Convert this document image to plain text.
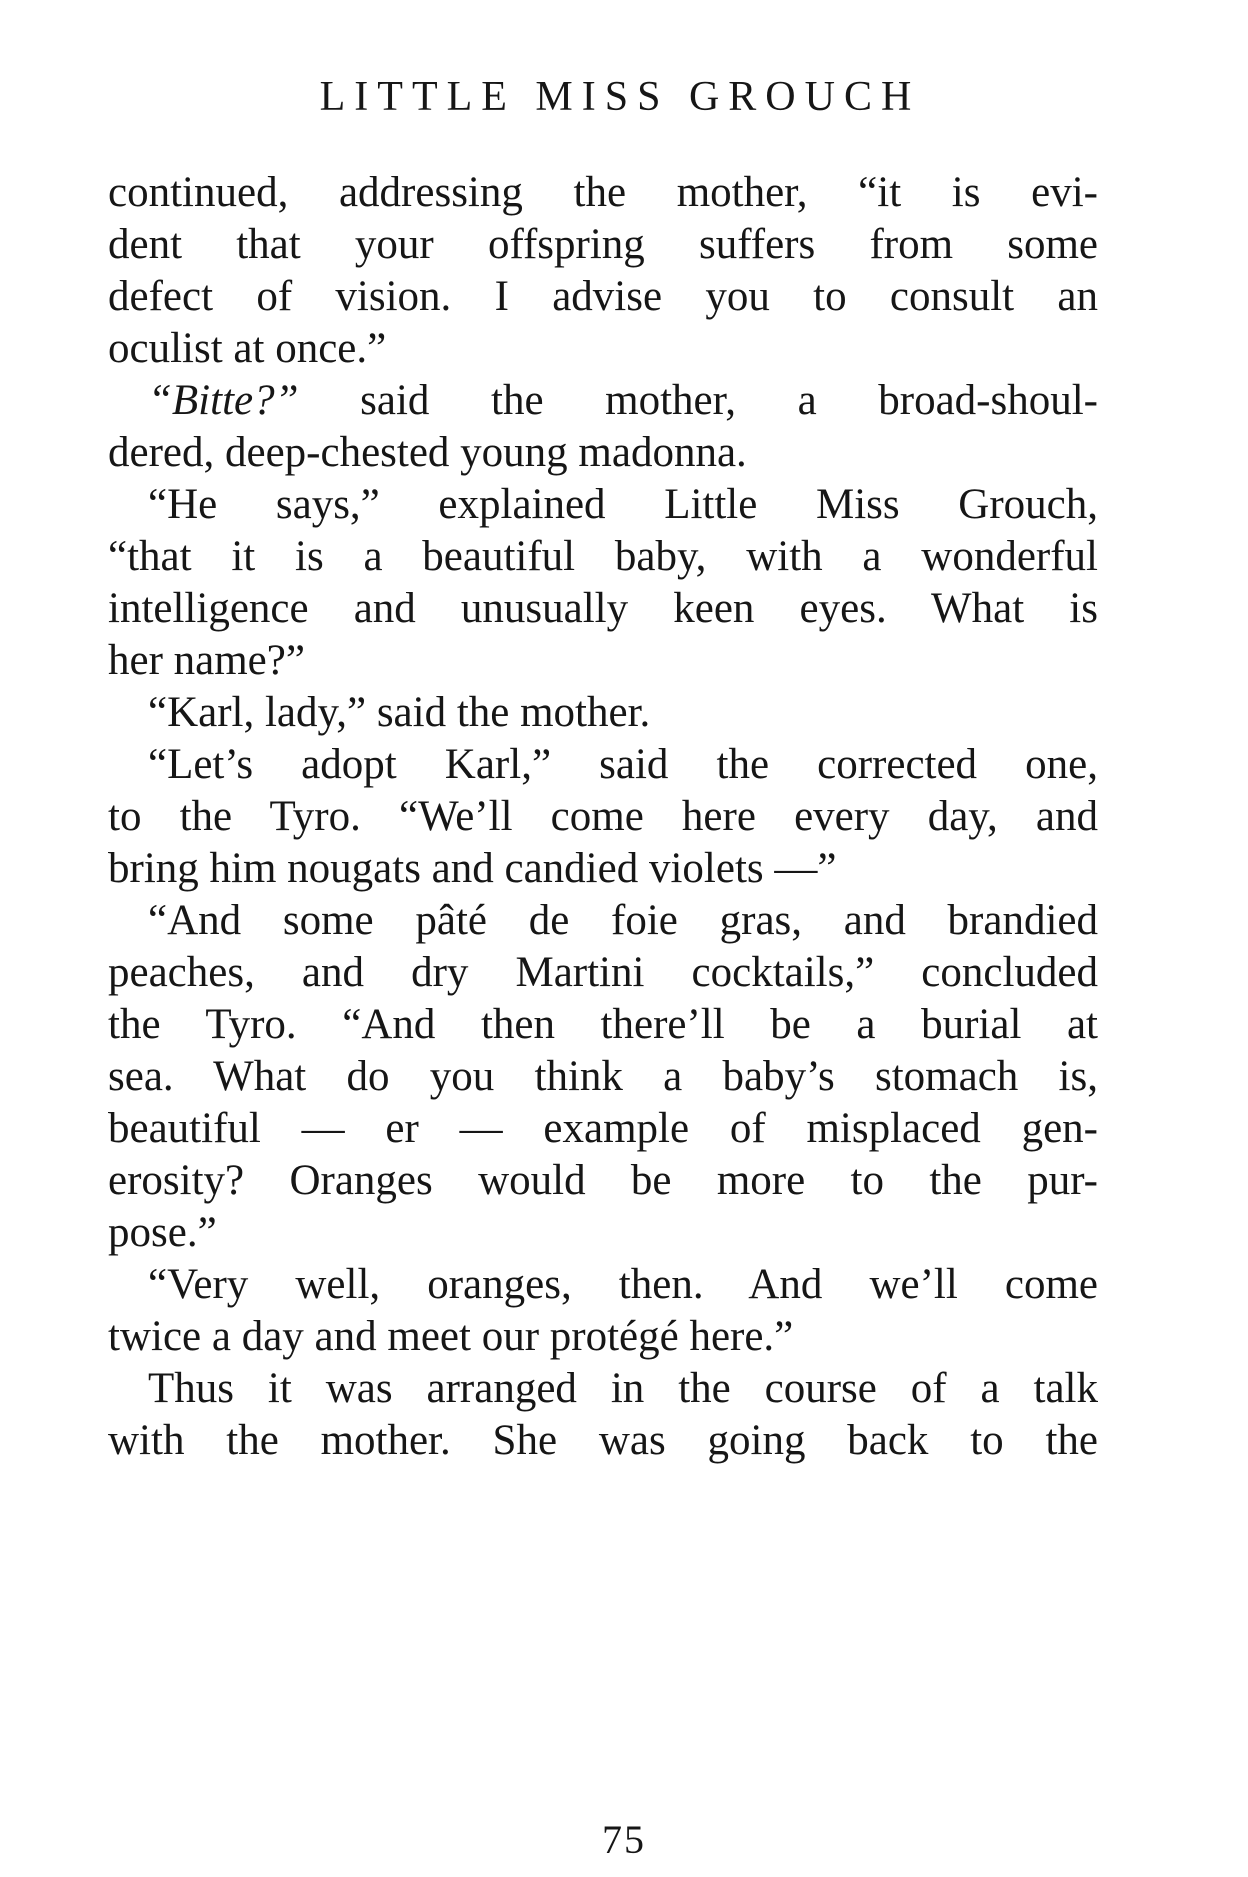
LITTLE MISS GROUCH
continued, addressing the mother, “it is evi-
dent that your offspring suffers from some
defect of vision. I advise you to consult an
oculist at once.”
“Bitte?” said the mother, a broad-shoul-
dered, deep-chested young madonna.
“He says,” explained Little Miss Grouch,
“that it is a beautiful baby, with a wonderful
intelligence and unusually keen eyes. What is
her name?”
“Karl, lady,” said the mother.
“Let’s adopt Karl,” said the corrected one,
to the Tyro. “We’ll come here every day, and
bring him nougats and candied violets —”
“And some pâté de foie gras, and brandied
peaches, and dry Martini cocktails,” concluded
the Tyro. “And then there’ll be a burial at
sea. What do you think a baby’s stomach is,
beautiful — er — example of misplaced gen-
erosity? Oranges would be more to the pur-
pose.”
“Very well, oranges, then. And we’ll come
twice a day and meet our protégé here.”
Thus it was arranged in the course of a talk
with the mother. She was going back to the
75
